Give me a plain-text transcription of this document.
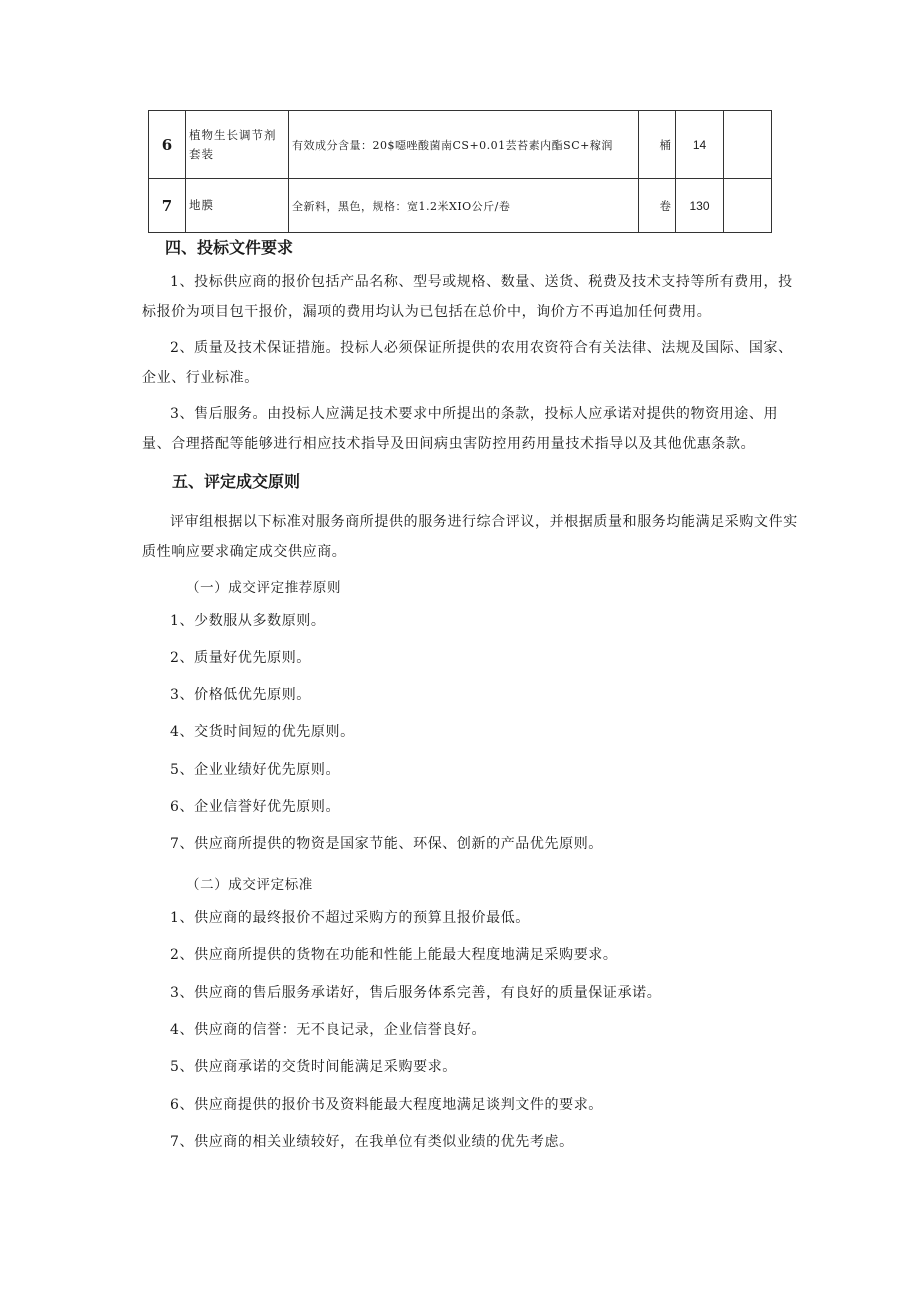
6	植物生长调节剂套装	有效成分含量：20$噁唑酸菌南CS+0.01芸苔素内酯SC+稼润	桶	14	
7	地膜	全新料，黑色，规格：宽1.2米XIO公斤/卷	卷	130	
四、投标文件要求

1、投标供应商的报价包括产品名称、型号或规格、数量、送货、税费及技术支持等所有费用，投标报价为项目包干报价，漏项的费用均认为已包括在总价中，询价方不再追加任何费用。

2、质量及技术保证措施。投标人必须保证所提供的农用农资符合有关法律、法规及国际、国家、企业、行业标准。

3、售后服务。由投标人应满足技术要求中所提出的条款，投标人应承诺对提供的物资用途、用量、合理搭配等能够进行相应技术指导及田间病虫害防控用药用量技术指导以及其他优惠条款。

五、评定成交原则

评审组根据以下标准对服务商所提供的服务进行综合评议，并根据质量和服务均能满足采购文件实质性响应要求确定成交供应商。

（一）成交评定推荐原则
1、少数服从多数原则。
2、质量好优先原则。
3、价格低优先原则。
4、交货时间短的优先原则。
5、企业业绩好优先原则。
6、企业信誉好优先原则。
7、供应商所提供的物资是国家节能、环保、创新的产品优先原则。
（二）成交评定标准
1、供应商的最终报价不超过采购方的预算且报价最低。
2、供应商所提供的货物在功能和性能上能最大程度地满足采购要求。
3、供应商的售后服务承诺好，售后服务体系完善，有良好的质量保证承诺。
4、供应商的信誉：无不良记录，企业信誉良好。
5、供应商承诺的交货时间能满足采购要求。
6、供应商提供的报价书及资料能最大程度地满足谈判文件的要求。
7、供应商的相关业绩较好，在我单位有类似业绩的优先考虑。
